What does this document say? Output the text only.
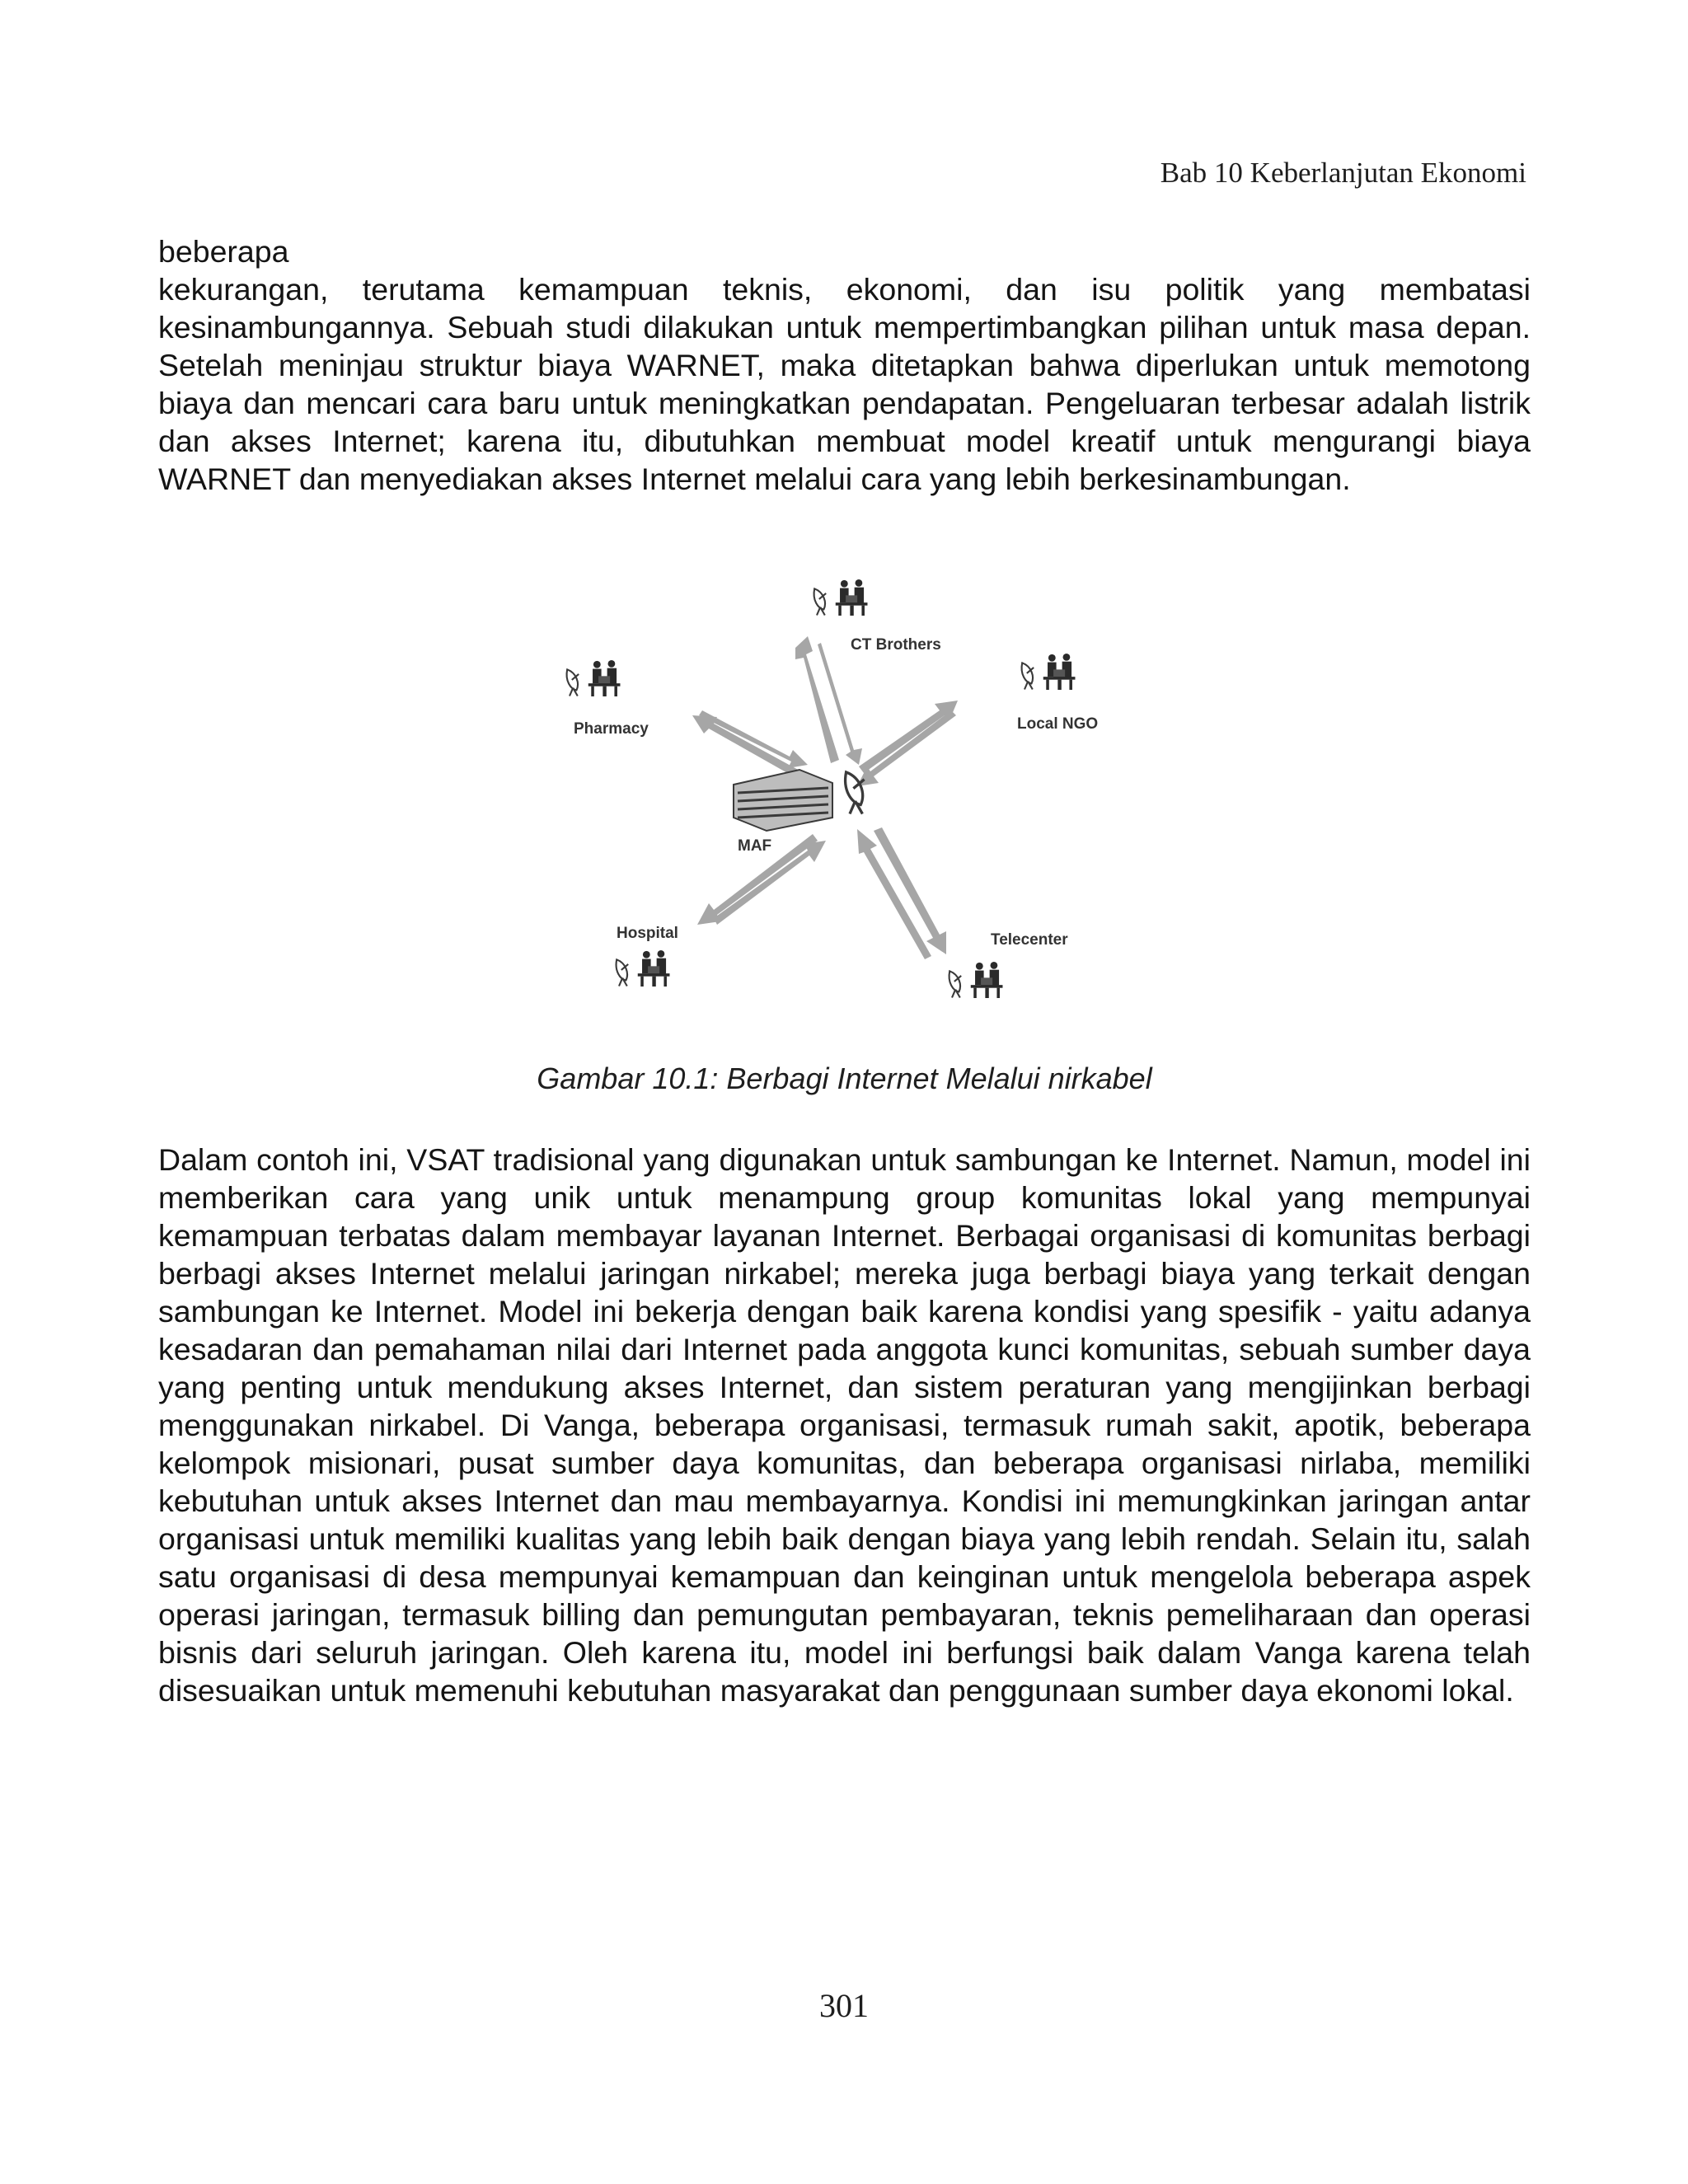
Bab 10 Keberlanjutan Ekonomi
beberapa
kekurangan, terutama kemampuan teknis, ekonomi, dan isu politik yang membatasi kesinambungannya. Sebuah studi dilakukan untuk mempertimbangkan pilihan untuk masa depan. Setelah meninjau struktur biaya WARNET, maka ditetapkan bahwa diperlukan untuk memotong biaya dan mencari cara baru untuk meningkatkan pendapatan. Pengeluaran terbesar adalah listrik dan akses Internet; karena itu, dibutuhkan membuat model kreatif untuk mengurangi biaya WARNET dan menyediakan akses Internet melalui cara yang lebih berkesinambungan.
MAF
CT Brothers
Local NGO
Pharmacy
Hospital	Telecenter
Gambar 10.1: Berbagi Internet Melalui nirkabel
Dalam contoh ini, VSAT tradisional yang digunakan untuk sambungan ke Internet. Namun, model ini memberikan cara yang unik untuk menampung group komunitas lokal yang mempunyai kemampuan terbatas dalam membayar layanan Internet. Berbagai organisasi di komunitas berbagi berbagi akses Internet melalui jaringan nirkabel; mereka juga berbagi biaya yang terkait dengan sambungan ke Internet. Model ini bekerja dengan baik karena kondisi yang spesifik - yaitu adanya kesadaran dan pemahaman nilai dari Internet pada anggota kunci komunitas, sebuah sumber daya yang penting untuk mendukung akses Internet, dan sistem peraturan yang mengijinkan berbagi menggunakan nirkabel. Di Vanga, beberapa organisasi, termasuk rumah sakit, apotik, beberapa kelompok misionari, pusat sumber daya komunitas, dan beberapa organisasi nirlaba, memiliki kebutuhan untuk akses Internet dan mau membayarnya. Kondisi ini memungkinkan jaringan antar organisasi untuk memiliki kualitas yang lebih baik dengan biaya yang lebih rendah. Selain itu, salah satu organisasi di desa mempunyai kemampuan dan keinginan untuk mengelola beberapa aspek operasi jaringan, termasuk billing dan pemungutan pembayaran, teknis pemeliharaan dan operasi bisnis dari seluruh jaringan. Oleh karena itu, model ini berfungsi baik dalam Vanga karena telah disesuaikan untuk memenuhi kebutuhan masyarakat dan penggunaan sumber daya ekonomi lokal.
301
